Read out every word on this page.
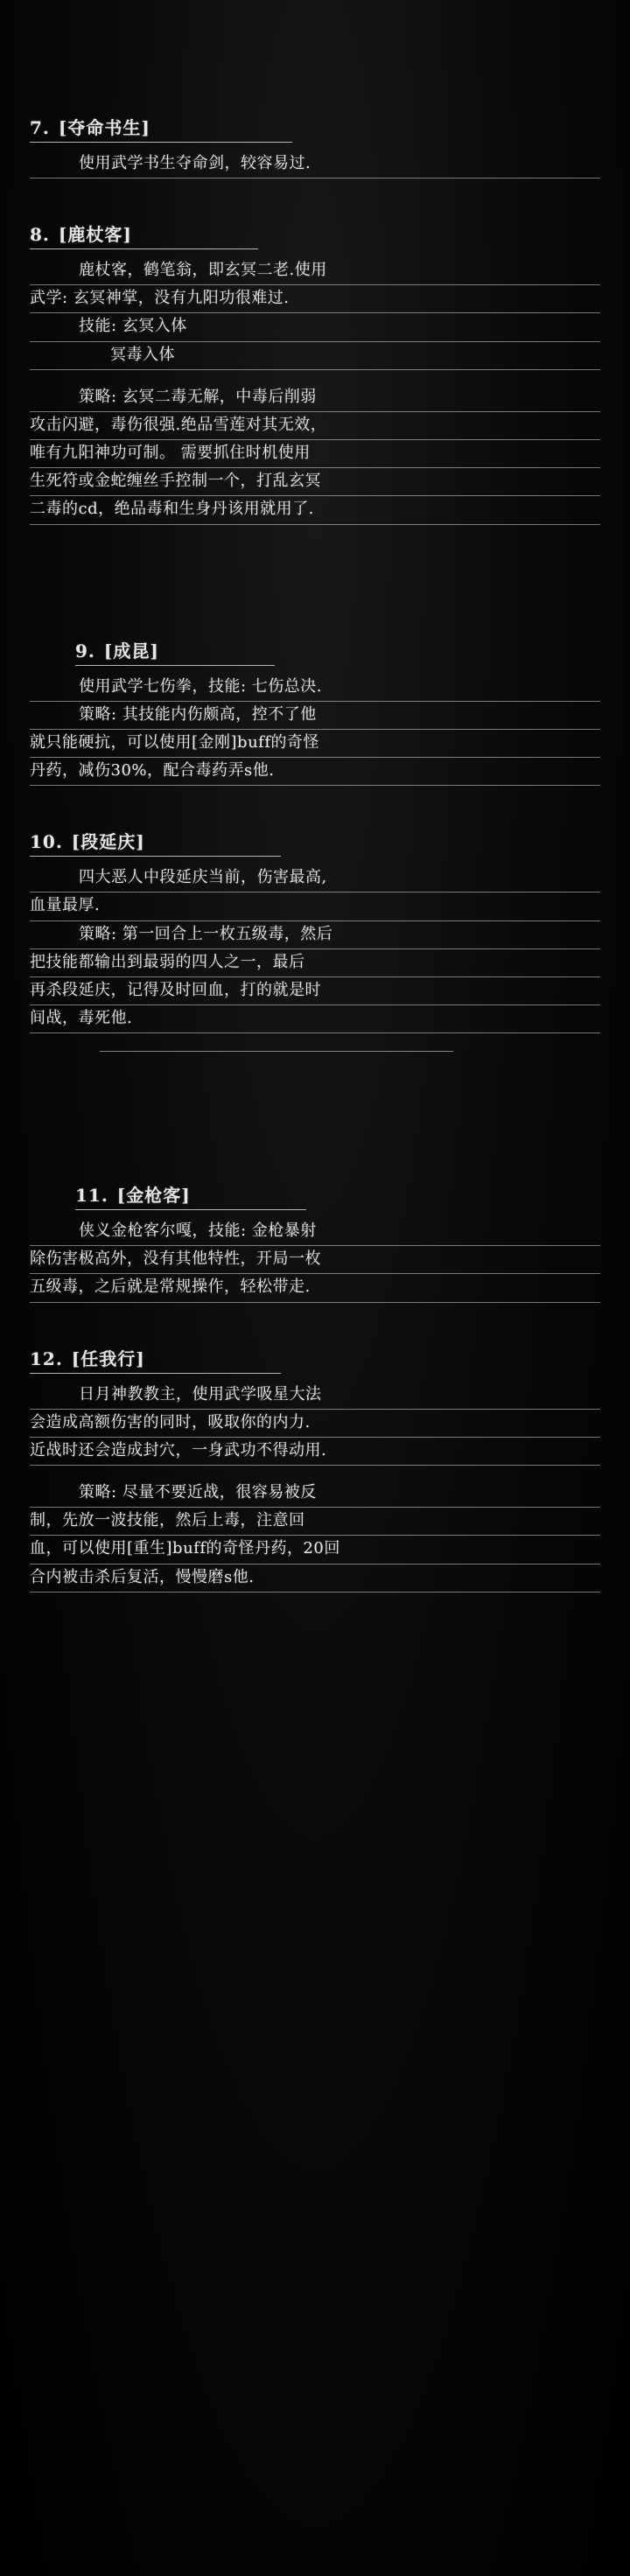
7. [夺命书生]
使用武学书生夺命剑，较容易过.
8. [鹿杖客]
鹿杖客，鹤笔翁，即玄冥二老.使用
武学: 玄冥神掌，没有九阳功很难过.
技能: 玄冥入体
冥毒入体
策略: 玄冥二毒无解，中毒后削弱
攻击闪避，毒伤很强.绝品雪莲对其无效，
唯有九阳神功可制。 需要抓住时机使用
生死符或金蛇缠丝手控制一个，打乱玄冥
二毒的cd，绝品毒和生身丹该用就用了.
9. [成昆]
使用武学七伤拳，技能: 七伤总决.
策略: 其技能内伤颇高，控不了他
就只能硬抗，可以使用[金刚]buff的奇怪
丹药，减伤30%，配合毒药弄s他.
10. [段延庆]
四大恶人中段延庆当前，伤害最高,
血量最厚.
策略: 第一回合上一枚五级毒，然后
把技能都输出到最弱的四人之一，最后
再杀段延庆，记得及时回血，打的就是时
间战，毒死他.
11. [金枪客]
侠义金枪客尔嘎，技能: 金枪暴射
除伤害极高外，没有其他特性，开局一枚
五级毒，之后就是常规操作，轻松带走.
12. [任我行]
日月神教教主，使用武学吸星大法
会造成高额伤害的同时，吸取你的内力.
近战时还会造成封穴，一身武功不得动用.
策略: 尽量不要近战，很容易被反
制，先放一波技能，然后上毒，注意回
血，可以使用[重生]buff的奇怪丹药，20回
合内被击杀后复活，慢慢磨s他.
